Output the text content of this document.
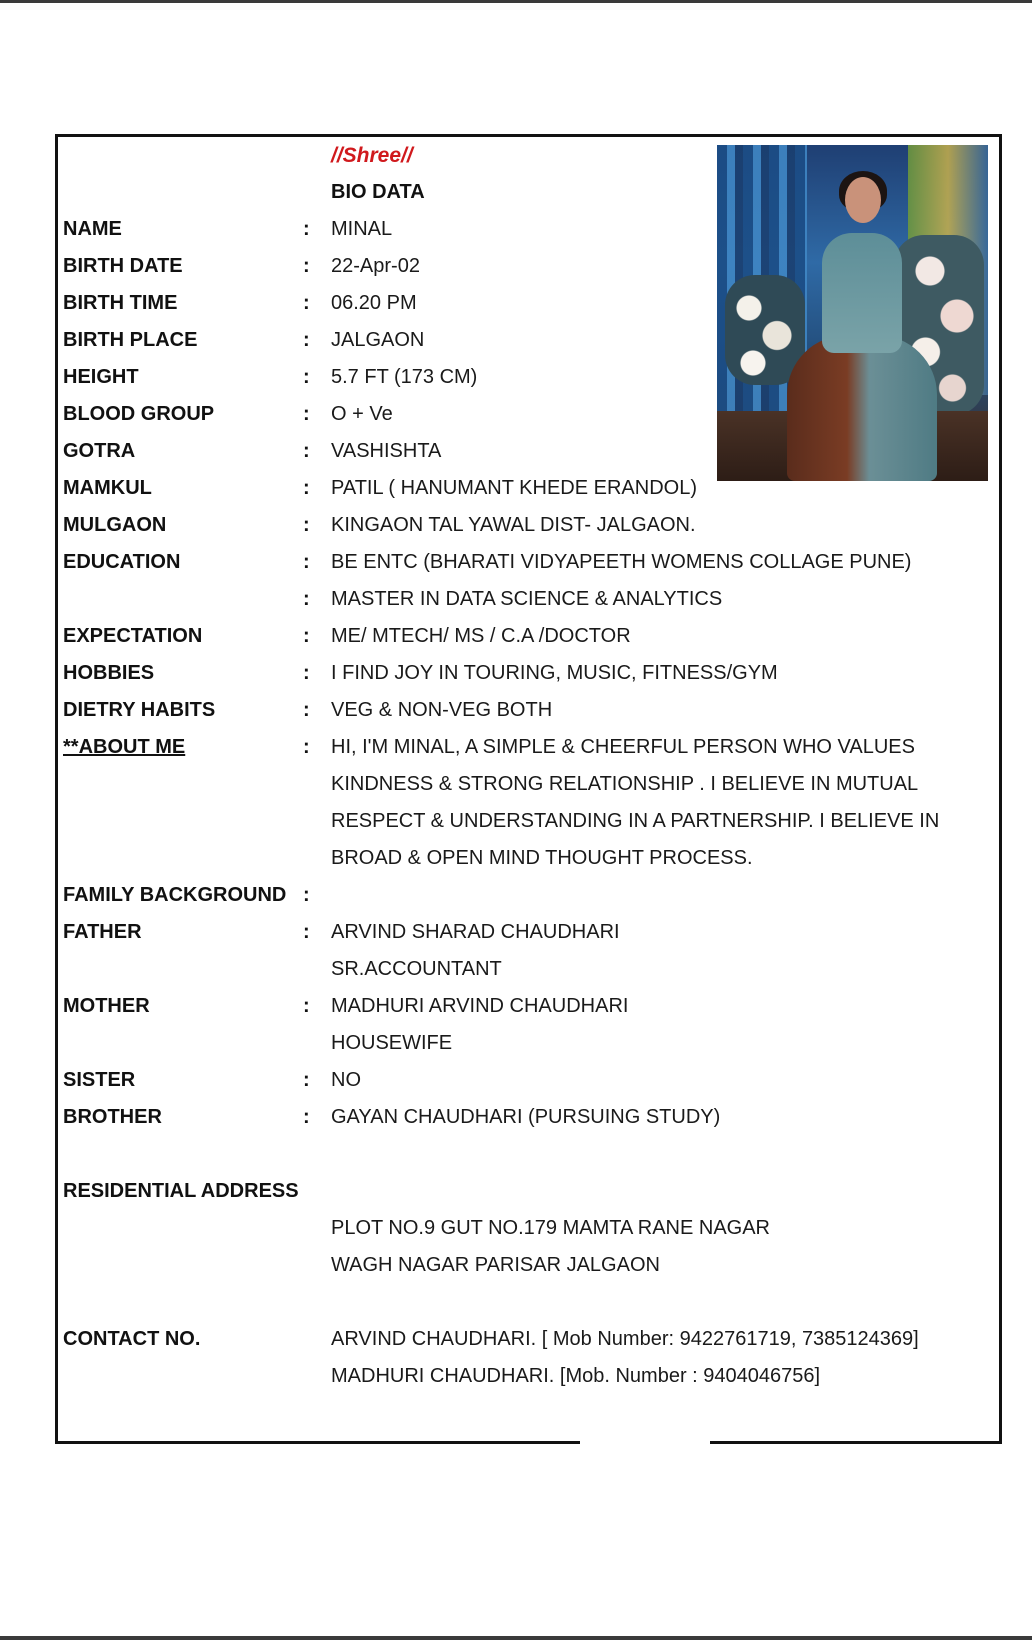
//Shree//
BIO DATA
NAME	: MINAL
BIRTH DATE	: 22-Apr-02
BIRTH TIME	: 06.20 PM
BIRTH PLACE	: JALGAON
HEIGHT	: 5.7 FT (173 CM)
BLOOD GROUP	: O + Ve
GOTRA	: VASHISHTA
MAMKUL	: PATIL ( HANUMANT KHEDE ERANDOL)
MULGAON	: KINGAON TAL YAWAL DIST- JALGAON.
EDUCATION	: BE ENTC (BHARATI VIDYAPEETH WOMENS COLLAGE PUNE)
: MASTER IN DATA SCIENCE & ANALYTICS
EXPECTATION	: ME/ MTECH/ MS / C.A /DOCTOR
HOBBIES	: I FIND JOY IN TOURING, MUSIC, FITNESS/GYM
DIETRY HABITS	: VEG & NON-VEG BOTH
**ABOUT ME	: HI, I'M MINAL, A SIMPLE & CHEERFUL PERSON WHO VALUES
KINDNESS & STRONG RELATIONSHIP . I BELIEVE IN MUTUAL
RESPECT & UNDERSTANDING IN A PARTNERSHIP. I BELIEVE IN
BROAD & OPEN MIND THOUGHT PROCESS.
FAMILY BACKGROUND :
FATHER	: ARVIND SHARAD CHAUDHARI
SR.ACCOUNTANT
MOTHER	: MADHURI ARVIND CHAUDHARI
HOUSEWIFE
SISTER	: NO
BROTHER	: GAYAN CHAUDHARI (PURSUING STUDY)
RESIDENTIAL ADDRESS
PLOT NO.9 GUT NO.179 MAMTA RANE NAGAR
WAGH NAGAR PARISAR JALGAON
CONTACT NO.	ARVIND CHAUDHARI. [ Mob Number: 9422761719, 7385124369]
MADHURI CHAUDHARI. [Mob. Number : 9404046756]
